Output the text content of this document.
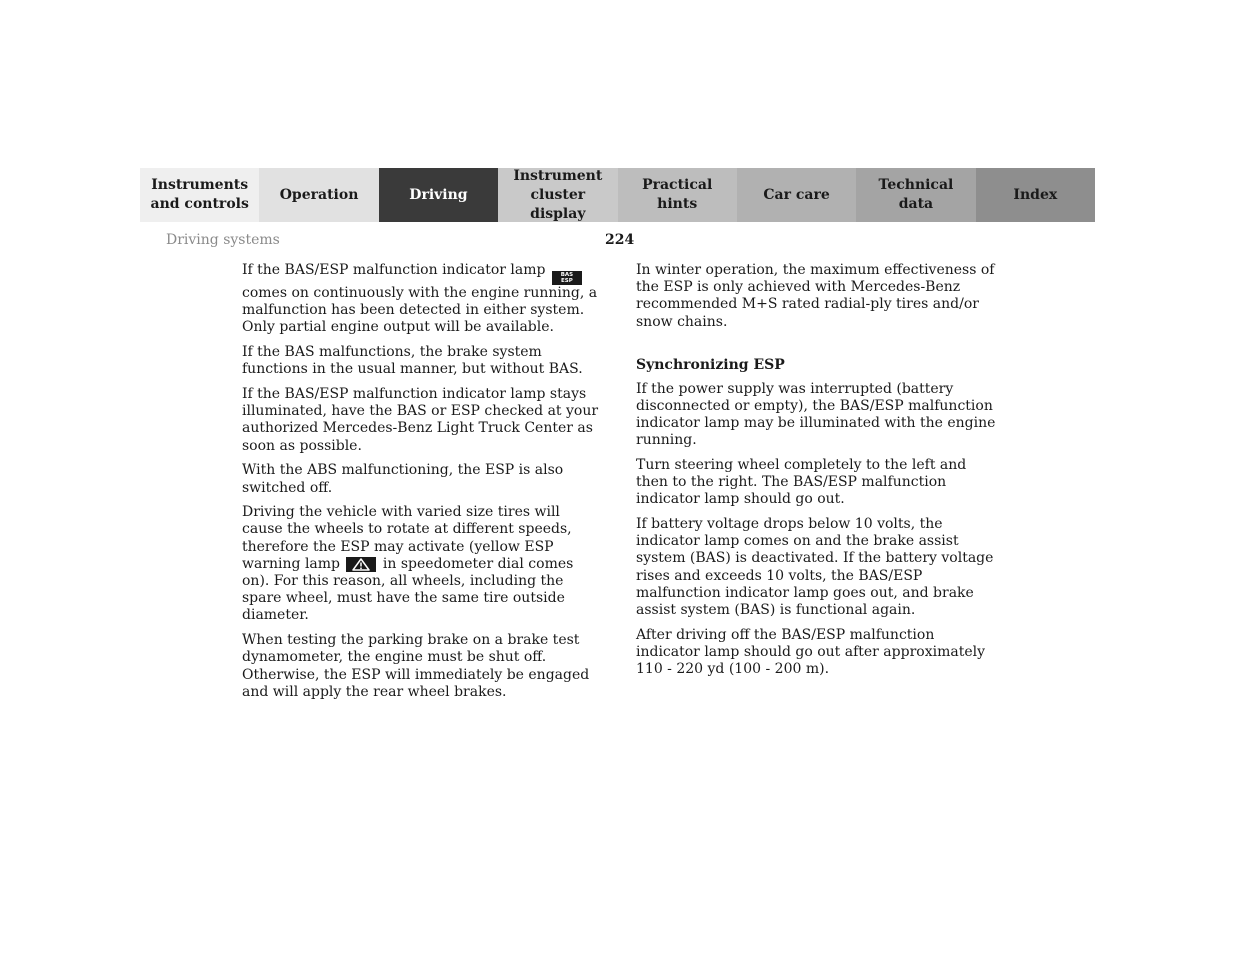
Instruments
and controls
Operation	Driving
Instrument
cluster display
Practical hints
Car care
Technical
data
Index
Driving systems	224

If the BAS/ESP malfunction indicator lamp	BAS
ESP
comes on continuously with the engine running, a malfunction has been detected in either system. Only partial engine output will be available.

If the BAS malfunctions, the brake system functions in the usual manner, but without BAS.

If the BAS/ESP malfunction indicator lamp stays illuminated, have the BAS or ESP checked at your authorized Mercedes-Benz Light Truck Center as soon as possible.

With the ABS malfunctioning, the ESP is also switched off.

Driving the vehicle with varied size tires will cause the wheels to rotate at different speeds, therefore the ESP may activate (yellow ESP warning lamp	in speedometer dial comes on). For this reason, all wheels, including the spare wheel, must have the same tire outside diameter.

When testing the parking brake on a brake test dynamometer, the engine must be shut off. Otherwise, the ESP will immediately be engaged and will apply the rear wheel brakes.

In winter operation, the maximum effectiveness of the ESP is only achieved with Mercedes-Benz recommended M+S rated radial-ply tires and/or snow chains.

Synchronizing ESP

If the power supply was interrupted (battery disconnected or empty), the BAS/ESP malfunction indicator lamp may be illuminated with the engine running.

Turn steering wheel completely to the left and then to the right. The BAS/ESP malfunction indicator lamp should go out.

If battery voltage drops below 10 volts, the indicator lamp comes on and the brake assist system (BAS) is deactivated. If the battery voltage rises and exceeds 10 volts, the BAS/ESP malfunction indicator lamp goes out, and brake assist system (BAS) is functional again.

After driving off the BAS/ESP malfunction indicator lamp should go out after approximately 110 - 220 yd (100 - 200 m).
